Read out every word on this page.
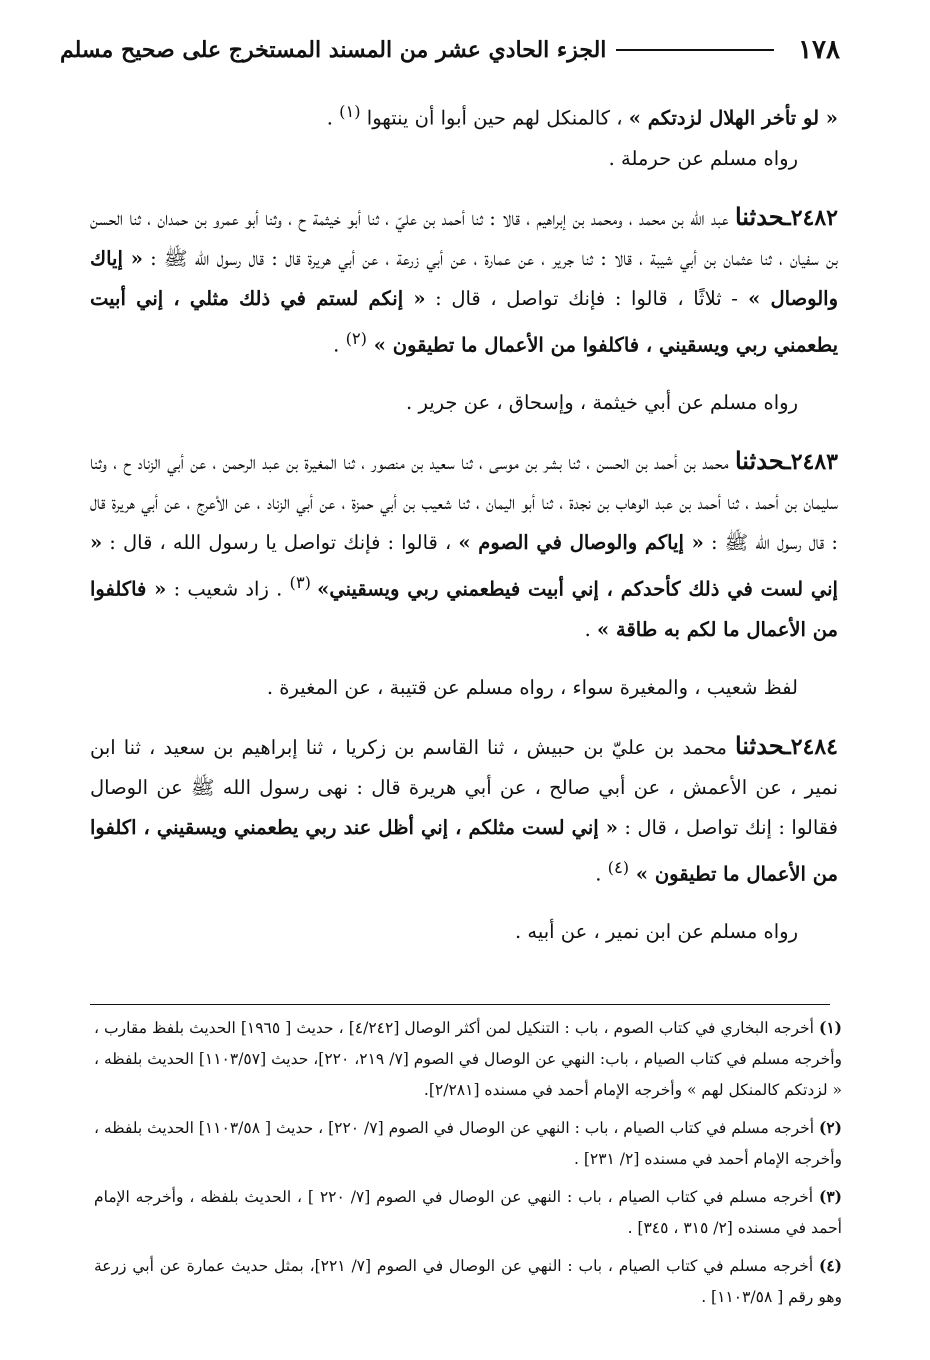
١٧٨
الجزء الحادي عشر من المسند المستخرج على صحيح مسلم

« لو تأخر الهلال لزدتكم » ، كالمنكل لهم حين أبوا أن ينتهوا $^{(١)}$ .

رواه مسلم عن حرملة .

٢٤٨٢ـحدثنا عبد الله بن محمد ، ومحمد بن إبراهيم ، قالا : ثنا أحمد بن عليّ ، ثنا أبو خيثمة ح ، وثنا أبو عمرو بن حمدان ، ثنا الحسن بن سفيان ، ثنا عثمان بن أبي شيبة ، قالا : ثنا جرير ، عن عمارة ، عن أبي زرعة ، عن أبي هريرة قال : قال رسول الله ﷺ : « إياك والوصال » - ثلاثًا ، قالوا : فإنك تواصل ، قال : « إنكم لستم في ذلك مثلي ، إني أبيت يطعمني ربي ويسقيني ، فاكلفوا من الأعمال ما تطيقون » $^{(٢)}$ .

رواه مسلم عن أبي خيثمة ، وإسحاق ، عن جرير .

٢٤٨٣ـحدثنا محمد بن أحمد بن الحسن ، ثنا بشر بن موسى ، ثنا سعيد بن منصور ، ثنا المغيرة بن عبد الرحمن ، عن أبي الزناد ح ، وثنا سليمان بن أحمد ، ثنا أحمد بن عبد الوهاب بن نجدة ، ثنا أبو اليمان ، ثنا شعيب بن أبي حمزة ، عن أبي الزناد ، عن الأعرج ، عن أبي هريرة قال : قال رسول الله ﷺ : « إياكم والوصال في الصوم » ، قالوا : فإنك تواصل يا رسول الله ، قال : « إني لست في ذلك كأحدكم ، إني أبيت فيطعمني ربي ويسقيني» $^{(٣)}$ . زاد شعيب : « فاكلفوا من الأعمال ما لكم به طاقة » .

لفظ شعيب ، والمغيرة سواء ، رواه مسلم عن قتيبة ، عن المغيرة .

٢٤٨٤ـحدثنا محمد بن عليّ بن حبيش ، ثنا القاسم بن زكريا ، ثنا إبراهيم بن سعيد ، ثنا ابن نمير ، عن الأعمش ، عن أبي صالح ، عن أبي هريرة قال : نهى رسول الله ﷺ عن الوصال فقالوا : إنك تواصل ، قال : « إني لست مثلكم ، إني أظل عند ربي يطعمني ويسقيني ، اكلفوا من الأعمال ما تطيقون » $^{(٤)}$ .

رواه مسلم عن ابن نمير ، عن أبيه .

(١) أخرجه البخاري في كتاب الصوم ، باب : التنكيل لمن أكثر الوصال [٤/٢٤٢] ، حديث [ ١٩٦٥] الحديث بلفظ مقارب ، وأخرجه مسلم في كتاب الصيام ، باب: النهي عن الوصال في الصوم [٧/ ٢١٩، ٢٢٠]، حديث [١١٠٣/٥٧] الحديث بلفظه ، « لزدتكم كالمنكل لهم » وأخرجه الإمام أحمد في مسنده [٢/٢٨١].

(٢) أخرجه مسلم في كتاب الصيام ، باب : النهي عن الوصال في الصوم [٧/ ٢٢٠] ، حديث [ ١١٠٣/٥٨] الحديث بلفظه ، وأخرجه الإمام أحمد في مسنده [٢/ ٢٣١] .

(٣) أخرجه مسلم في كتاب الصيام ، باب : النهي عن الوصال في الصوم [٧/ ٢٢٠ ] ، الحديث بلفظه ، وأخرجه الإمام أحمد في مسنده [٢/ ٣١٥ ، ٣٤٥] .

(٤) أخرجه مسلم في كتاب الصيام ، باب : النهي عن الوصال في الصوم [٧/ ٢٢١]، بمثل حديث عمارة عن أبي زرعة وهو رقم [ ١١٠٣/٥٨] .
